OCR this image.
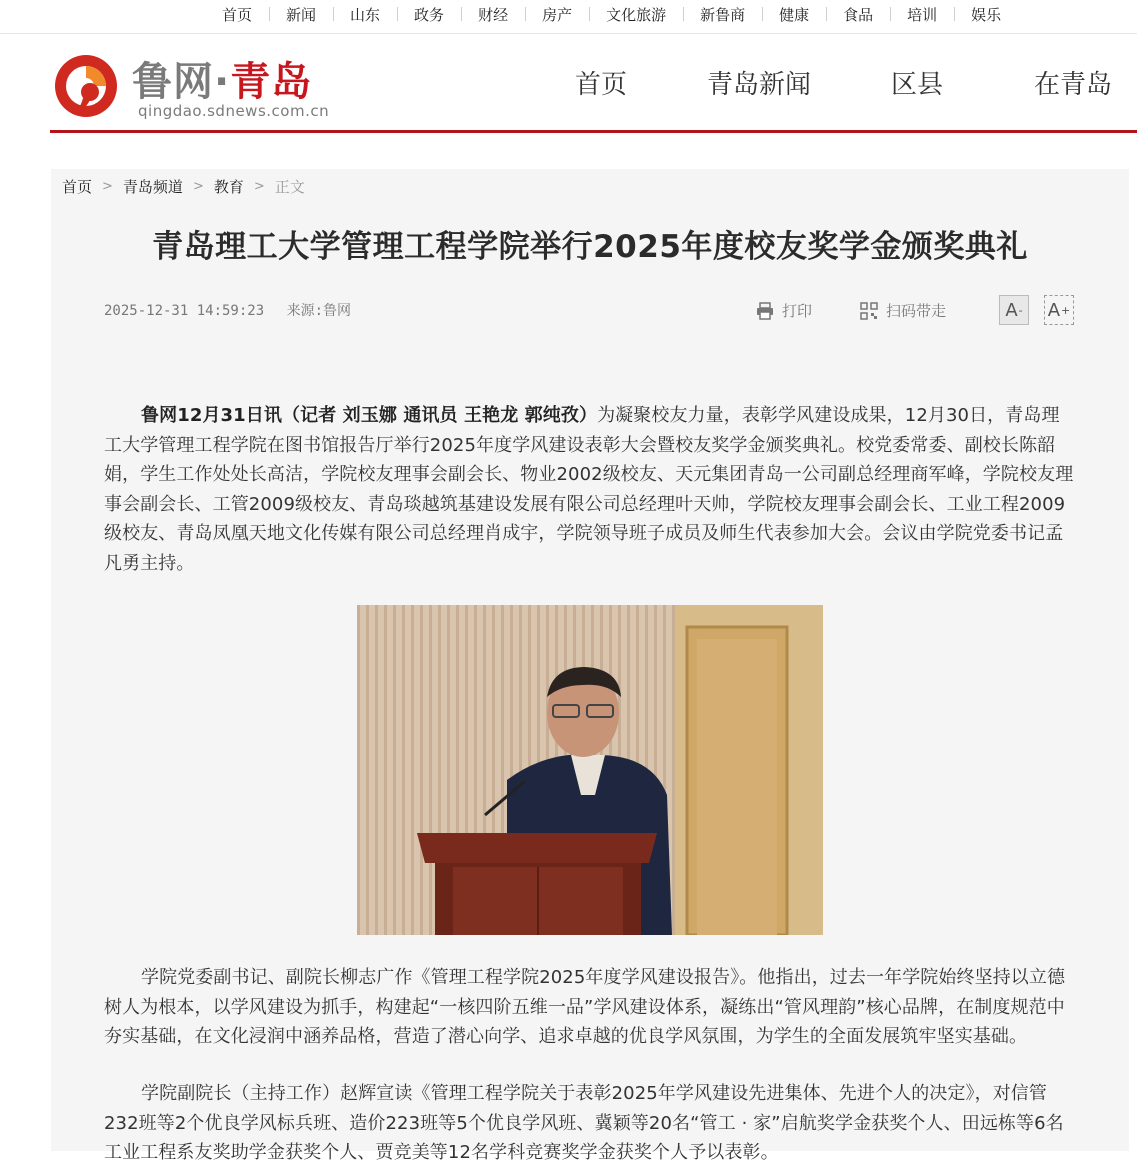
首页	新闻	山东	政务	财经	房产	文化旅游	新鲁商	健康	食品	培训	娱乐
鲁网·青岛
qingdao.sdnews.com.cn
首页	青岛新闻	区县	在青岛
首页 > 青岛频道 > 教育 > 正文
青岛理工大学管理工程学院举行2025年度校友奖学金颁奖典礼
2025-12-31 14:59:23 来源:鲁网	打印	扫码带走	A - A +
鲁网12月31日讯（记者 刘玉娜 通讯员 王艳龙 郭纯孜）为凝聚校友力量，表彰学风建设成果，12月30日，青岛理工大学管理工程学院在图书馆报告厅举行2025年度学风建设表彰大会暨校友奖学金颁奖典礼。校党委常委、副校长陈韶娟，学生工作处处长高洁，学院校友理事会副会长、物业2002级校友、天元集团青岛一公司副总经理商军峰，学院校友理事会副会长、工管2009级校友、青岛琰越筑基建设发展有限公司总经理叶天帅，学院校友理事会副会长、工业工程2009级校友、青岛凤凰天地文化传媒有限公司总经理肖成宇，学院领导班子成员及师生代表参加大会。会议由学院党委书记孟凡勇主持。
学院党委副书记、副院长柳志广作《管理工程学院2025年度学风建设报告》。他指出，过去一年学院始终坚持以立德树人为根本，以学风建设为抓手，构建起“一核四阶五维一品”学风建设体系，凝练出“管风理韵”核心品牌，在制度规范中夯实基础，在文化浸润中涵养品格，营造了潜心向学、追求卓越的优良学风氛围，为学生的全面发展筑牢坚实基础。
学院副院长（主持工作）赵辉宣读《管理工程学院关于表彰2025年学风建设先进集体、先进个人的决定》，对信管232班等2个优良学风标兵班、造价223班等5个优良学风班、冀颖等20名“管工 · 家”启航奖学金获奖个人、田远栋等6名工业工程系友奖助学金获奖个人、贾竞美等12名学科竞赛奖学金获奖个人予以表彰。
